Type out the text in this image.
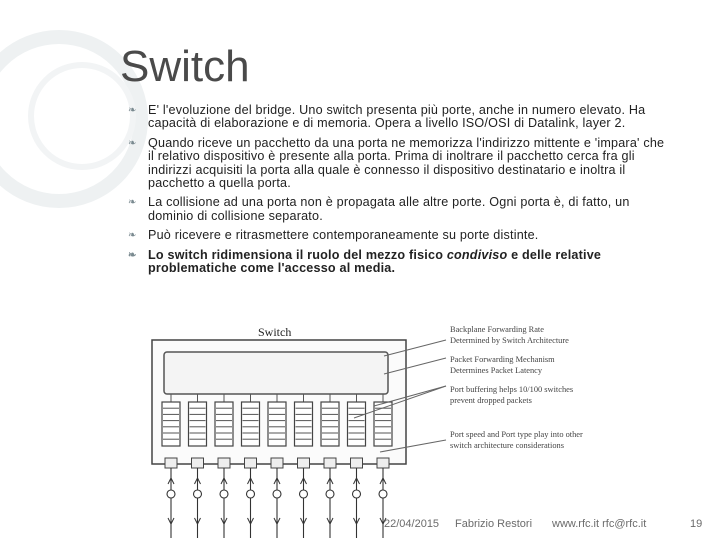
Switch
❧ E' l'evoluzione del bridge. Uno switch presenta più porte, anche in numero elevato. Ha capacità di elaborazione e di memoria. Opera a livello ISO/OSI di Datalink, layer 2.
❧ Quando riceve un pacchetto da una porta ne memorizza l'indirizzo mittente e 'impara' che il relativo dispositivo è presente alla porta. Prima di inoltrare il pacchetto cerca fra gli indirizzi acquisiti la porta alla quale è connesso il dispositivo destinatario e inoltra il pacchetto a quella porta.
❧ La collisione ad una porta non è propagata alle altre porte. Ogni porta è, di fatto, un dominio di collisione separato.
❧ Può ricevere e ritrasmettere contemporaneamente su porte distinte.
❧ Lo switch ridimensiona il ruolo del mezzo fisico condiviso e delle relative problematiche come l'accesso al media.
Switch	Backplane Forwarding Rate
Determined by Switch Architecture
Packet Forwarding Mechanism
Determines Packet Latency
Port buffering helps 10/100 switches
prevent dropped packets
Port speed and Port type play into other
switch architecture considerations
22/04/2015 Fabrizio Restori www.rfc.it rfc@rfc.it	19
